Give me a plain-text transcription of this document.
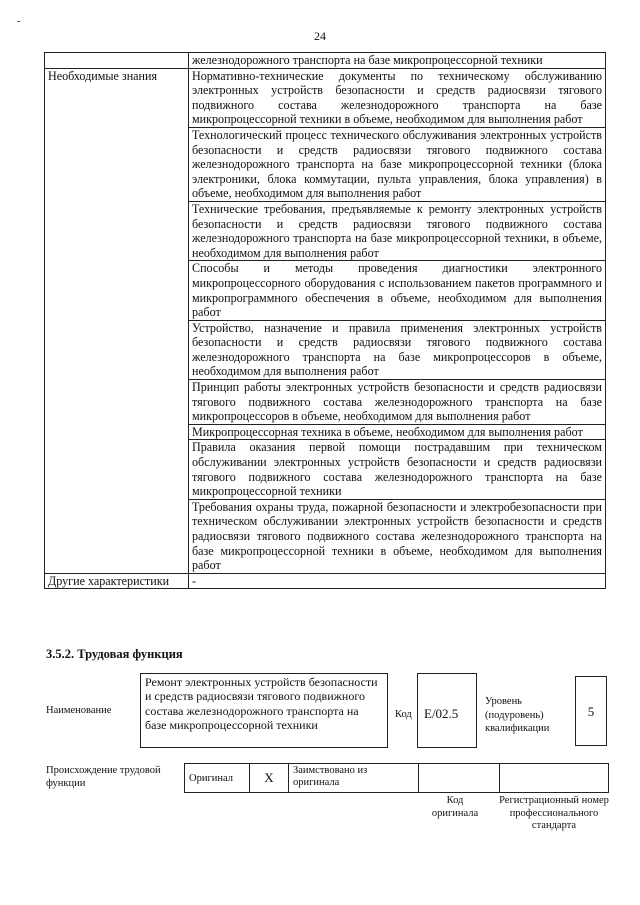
-
24
	железнодорожного транспорта на базе микропроцессорной техники
Необходимые знания	Нормативно-технические документы по техническому обслуживанию электронных устройств безопасности и средств радиосвязи тягового подвижного состава железнодорожного транспорта на базе микропроцессорной техники в объеме, необходимом для выполнения работ
	Технологический процесс технического обслуживания электронных устройств безопасности и средств радиосвязи тягового подвижного состава железнодорожного транспорта на базе микропроцессорной техники (блока электроники, блока коммутации, пульта управления, блока управления) в объеме, необходимом для выполнения работ
	Технические требования, предъявляемые к ремонту электронных устройств безопасности и средств радиосвязи тягового подвижного состава железнодорожного транспорта на базе микропроцессорной техники, в объеме, необходимом для выполнения работ
	Способы и методы проведения диагностики электронного микропроцессорного оборудования с использованием пакетов программного и микропрограммного обеспечения в объеме, необходимом для выполнения работ
	Устройство, назначение и правила применения электронных устройств безопасности и средств радиосвязи тягового подвижного состава железнодорожного транспорта на базе микропроцессоров в объеме, необходимом для выполнения работ
	Принцип работы электронных устройств безопасности и средств радиосвязи тягового подвижного состава железнодорожного транспорта на базе микропроцессоров в объеме, необходимом для выполнения работ
	Микропроцессорная техника в объеме, необходимом для выполнения работ
	Правила оказания первой помощи пострадавшим при техническом обслуживании электронных устройств безопасности и средств радиосвязи тягового подвижного состава железнодорожного транспорта на базе микропроцессорной техники
	Требования охраны труда, пожарной безопасности и электробезопасности при техническом обслуживании электронных устройств безопасности и средств радиосвязи тягового подвижного состава железнодорожного транспорта на базе микропроцессорной техники в объеме, необходимом для выполнения работ
Другие характеристики	-
3.5.2. Трудовая функция
Наименование
Ремонт электронных устройств безопасности и средств радиосвязи тягового подвижного состава железнодорожного транспорта на базе микропроцессорной техники
Код E/02.5
Уровень (подуровень) квалификации
5
Происхождение трудовой функции	Оригинал	X	Заимствовано из оригинала		
Код оригинала
Регистрационный номер профессионального стандарта
